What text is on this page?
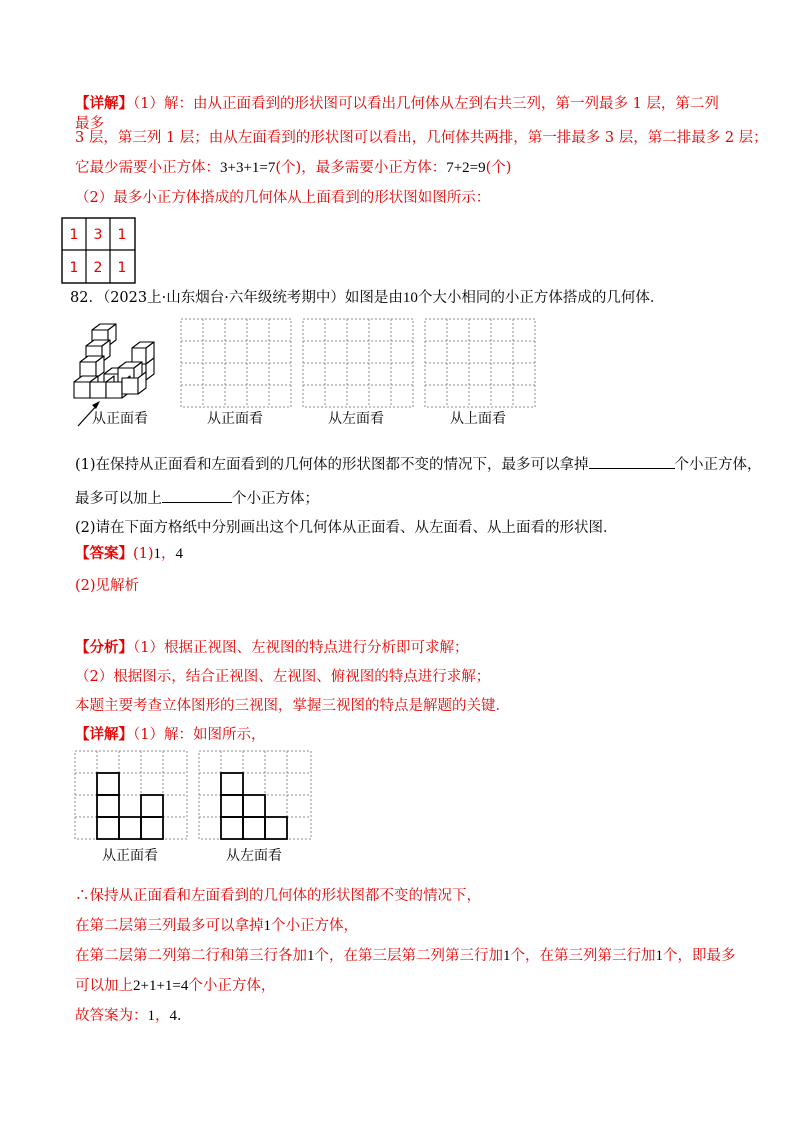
【详解】（1）解：由从正面看到的形状图可以看出几何体从左到右共三列，第一列最多 1 层，第二列最多
3 层，第三列 1 层；由从左面看到的形状图可以看出，几何体共两排，第一排最多 3 层，第二排最多 2 层；
它最少需要小正方体：3+3+1=7(个)，最多需要小正方体：7+2=9(个)
（2）最多小正方体搭成的几何体从上面看到的形状图如图所示：
1 3 1
1 2 1
82．（2023上·山东烟台·六年级统考期中）如图是由10个大小相同的小正方体搭成的几何体．
从正面看	从正面看	从左面看	从上面看
(1)在保持从正面看和左面看到的几何体的形状图都不变的情况下，最多可以拿掉	个小正方体，
最多可以加上	个小正方体；
(2)请在下面方格纸中分别画出这个几何体从正面看、从左面看、从上面看的形状图．
【答案】(1)1，4
(2)见解析
【分析】（1）根据正视图、左视图的特点进行分析即可求解；
（2）根据图示，结合正视图、左视图、俯视图的特点进行求解；
本题主要考查立体图形的三视图，掌握三视图的特点是解题的关键．
【详解】（1）解：如图所示，
从正面看	从左面看
∴保持从正面看和左面看到的几何体的形状图都不变的情况下，
在第二层第三列最多可以拿掉1个小正方体，
在第二层第二列第二行和第三行各加1个，在第三层第二列第三行加1个，在第三列第三行加1个，即最多
可以加上2+1+1=4个小正方体，
故答案为：1，4．
